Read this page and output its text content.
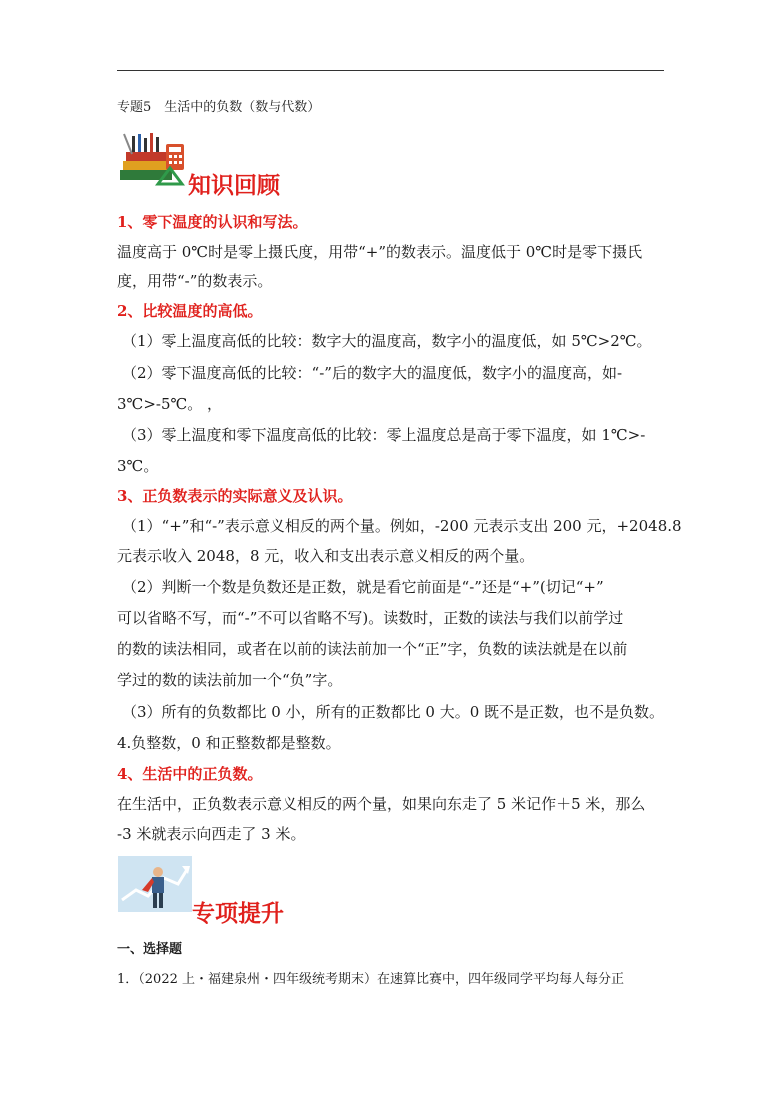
专题5　生活中的负数（数与代数）
知识回顾
1、零下温度的认识和写法。
温度高于 0℃时是零上摄氏度，用带“+”的数表示。温度低于 0℃时是零下摄氏
度，用带“-”的数表示。
2、比较温度的高低。
（1）零上温度高低的比较：数字大的温度高，数字小的温度低，如 5℃>2℃。
（2）零下温度高低的比较：“-”后的数字大的温度低，数字小的温度高，如-
3℃>-5℃。 ，
（3）零上温度和零下温度高低的比较：零上温度总是高于零下温度，如 1℃>-
3℃。
3、正负数表示的实际意义及认识。
（1）“+”和“-”表示意义相反的两个量。例如，-200 元表示支出 200 元，+2048.8
元表示收入 2048，8 元，收入和支出表示意义相反的两个量。
（2）判断一个数是负数还是正数，就是看它前面是“-”还是“+”(切记“+”
可以省略不写，而“-”不可以省略不写)。读数时，正数的读法与我们以前学过
的数的读法相同，或者在以前的读法前加一个“正”字，负数的读法就是在以前
学过的数的读法前加一个“负”字。
（3）所有的负数都比 0 小，所有的正数都比 0 大。0 既不是正数，也不是负数。
4.负整数，0 和正整数都是整数。
4、生活中的正负数。
在生活中，正负数表示意义相反的两个量，如果向东走了 5 米记作＋5 米，那么
-3 米就表示向西走了 3 米。
专项提升
一、选择题
1．（2022 上・福建泉州・四年级统考期末）在速算比赛中，四年级同学平均每人每分正
